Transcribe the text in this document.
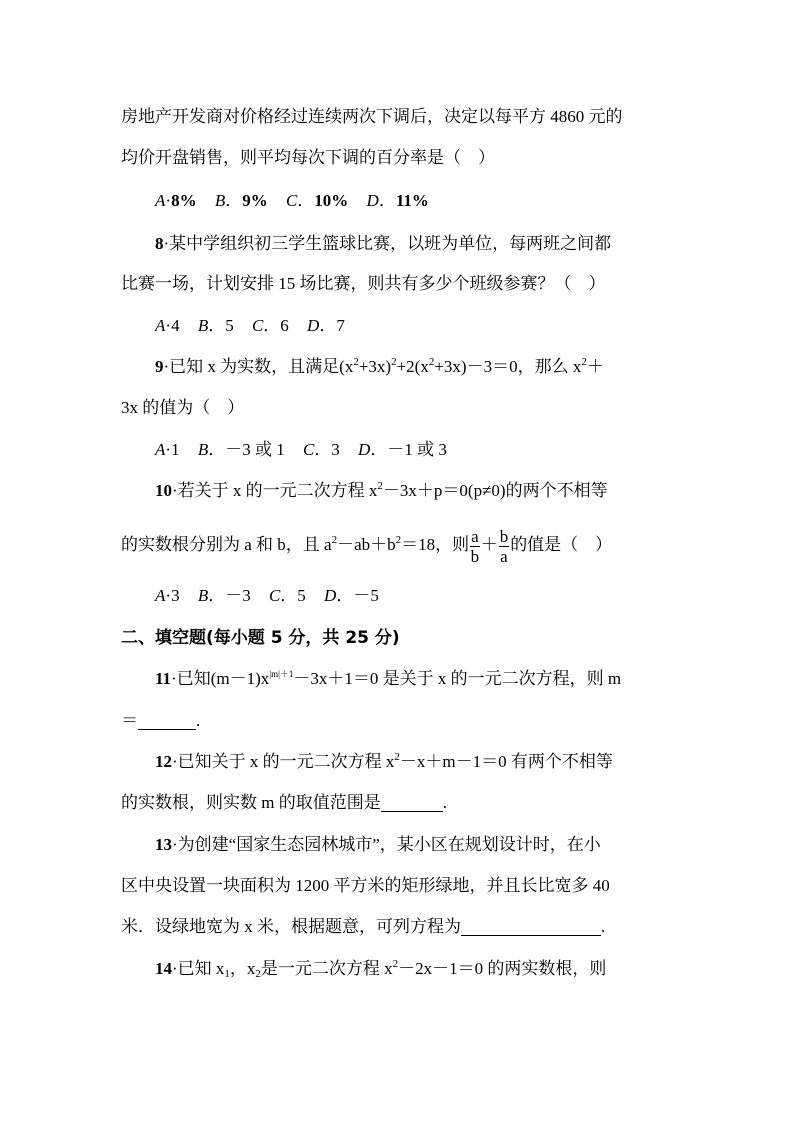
房地产开发商对价格经过连续两次下调后，决定以每平方 4860 元的
均价开盘销售，则平均每次下调的百分率是（　）
A·8% B．9% C．10% D．11%
8·某中学组织初三学生篮球比赛，以班为单位，每两班之间都
比赛一场，计划安排 15 场比赛，则共有多少个班级参赛？（　）
A·4 B．5 C．6 D．7
9·已知 x 为实数，且满足$(x^2+3x)^2+2(x^2+3x)-3=0$，那么 $x^2+$
3x 的值为（　）
A·1 B．－3 或 1 C．3 D．－1 或 3
10·若关于 x 的一元二次方程 $x^2-3x+p=0(p\ne 0)$的两个不相等
的实数根分别为 a 和 b，且 $a^2-ab+b^2=18$，则 $\frac{a}{b} + \frac{b}{a}$ 的值是（　）
A·3 B．－3 C．5 D．－5
二、填空题(每小题 5 分，共 25 分)
11·已知$(m-1)x^{|m|+1}-3x+1=0$ 是关于 x 的一元二次方程，则 m
＝	.
12·已知关于 x 的一元二次方程 $x^2-x+m-1=0$ 有两个不相等
的实数根，则实数 m 的取值范围是	.
13·为创建“国家生态园林城市”，某小区在规划设计时，在小
区中央设置一块面积为 1200 平方米的矩形绿地，并且长比宽多 40
米．设绿地宽为 x 米，根据题意，可列方程为	.
14·已知 $x_1$，$x_2$是一元二次方程 $x^2-2x-1=0$ 的两实数根，则
